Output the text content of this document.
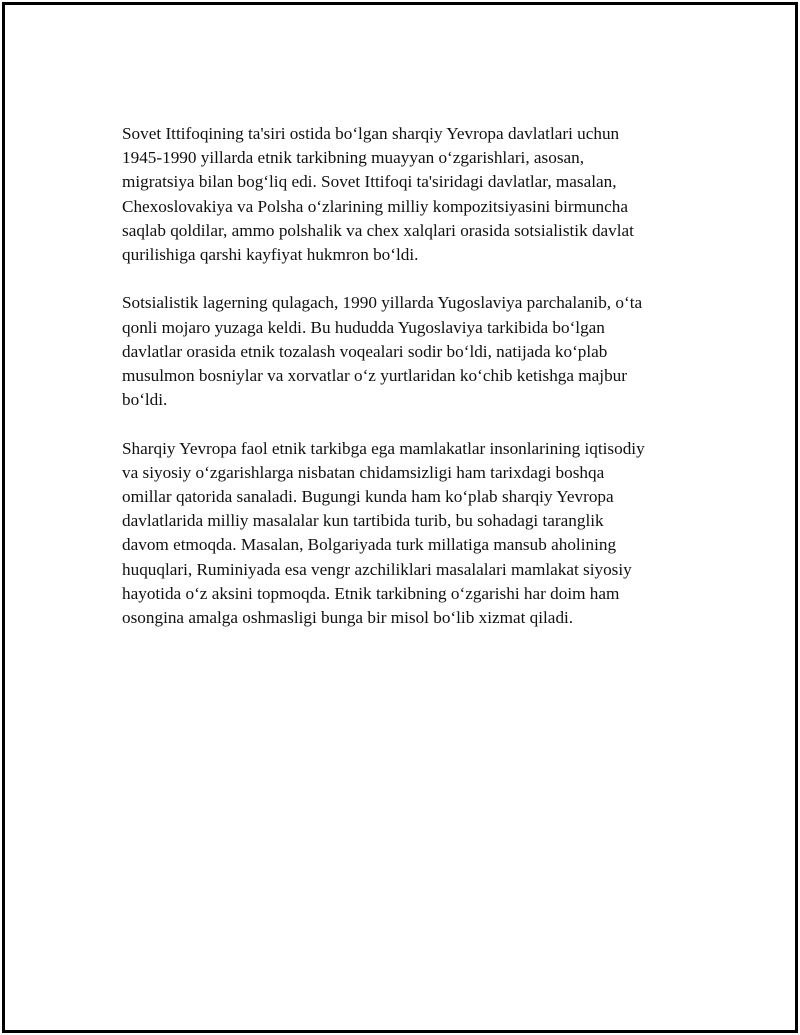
Sovet Ittifoqining ta'siri ostida bo‘lgan sharqiy Yevropa davlatlari uchun
1945-1990 yillarda etnik tarkibning muayyan o‘zgarishlari, asosan,
migratsiya bilan bog‘liq edi. Sovet Ittifoqi ta'siridagi davlatlar, masalan,
Chexoslovakiya va Polsha o‘zlarining milliy kompozitsiyasini birmuncha
saqlab qoldilar, ammo polshalik va chex xalqlari orasida sotsialistik davlat
qurilishiga qarshi kayfiyat hukmron bo‘ldi.

Sotsialistik lagerning qulagach, 1990 yillarda Yugoslaviya parchalanib, o‘ta
qonli mojaro yuzaga keldi. Bu hududda Yugoslaviya tarkibida bo‘lgan
davlatlar orasida etnik tozalash voqealari sodir bo‘ldi, natijada ko‘plab
musulmon bosniylar va xorvatlar o‘z yurtlaridan ko‘chib ketishga majbur
bo‘ldi.

Sharqiy Yevropa faol etnik tarkibga ega mamlakatlar insonlarining iqtisodiy
va siyosiy o‘zgarishlarga nisbatan chidamsizligi ham tarixdagi boshqa
omillar qatorida sanaladi. Bugungi kunda ham ko‘plab sharqiy Yevropa
davlatlarida milliy masalalar kun tartibida turib, bu sohadagi taranglik
davom etmoqda. Masalan, Bolgariyada turk millatiga mansub aholining
huquqlari, Ruminiyada esa vengr azchiliklari masalalari mamlakat siyosiy
hayotida o‘z aksini topmoqda. Etnik tarkibning o‘zgarishi har doim ham
osongina amalga oshmasligi bunga bir misol bo‘lib xizmat qiladi.
